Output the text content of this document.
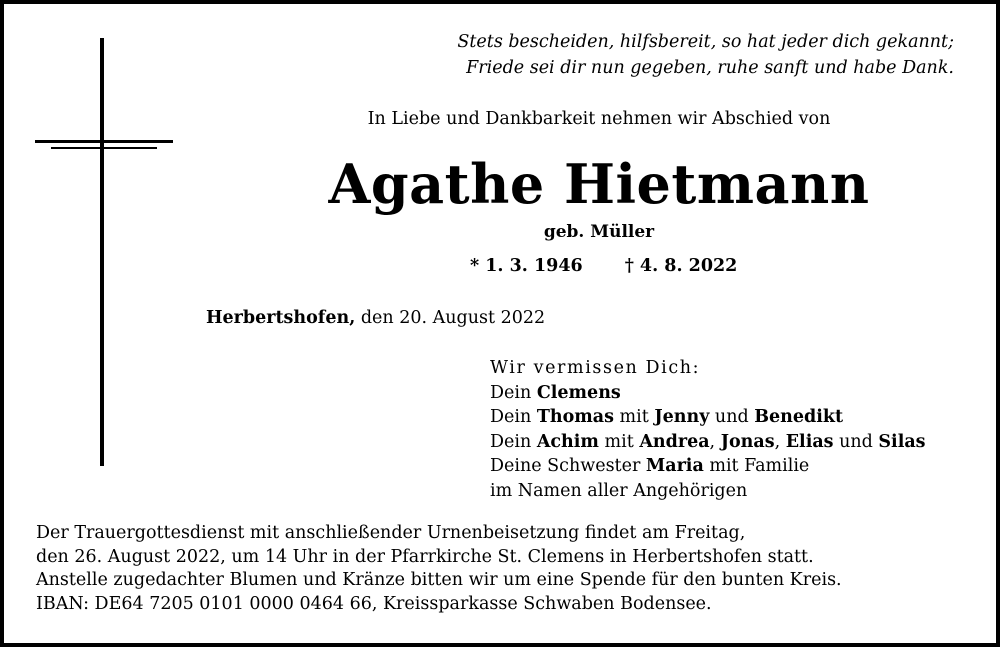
Stets bescheiden, hilfsbereit, so hat jeder dich gekannt;
Friede sei dir nun gegeben, ruhe sanft und habe Dank.
In Liebe und Dankbarkeit nehmen wir Abschied von
Agathe Hietmann
geb. Müller
* 1. 3. 1946 † 4. 8. 2022
Herbertshofen, den 20. August 2022
Wir vermissen Dich:
Dein Clemens
Dein Thomas mit Jenny und Benedikt
Dein Achim mit Andrea, Jonas, Elias und Silas
Deine Schwester Maria mit Familie
im Namen aller Angehörigen
Der Trauergottesdienst mit anschließender Urnenbeisetzung findet am Freitag,
den 26. August 2022, um 14 Uhr in der Pfarrkirche St. Clemens in Herbertshofen statt.
Anstelle zugedachter Blumen und Kränze bitten wir um eine Spende für den bunten Kreis.
IBAN: DE64 7205 0101 0000 0464 66, Kreissparkasse Schwaben Bodensee.
